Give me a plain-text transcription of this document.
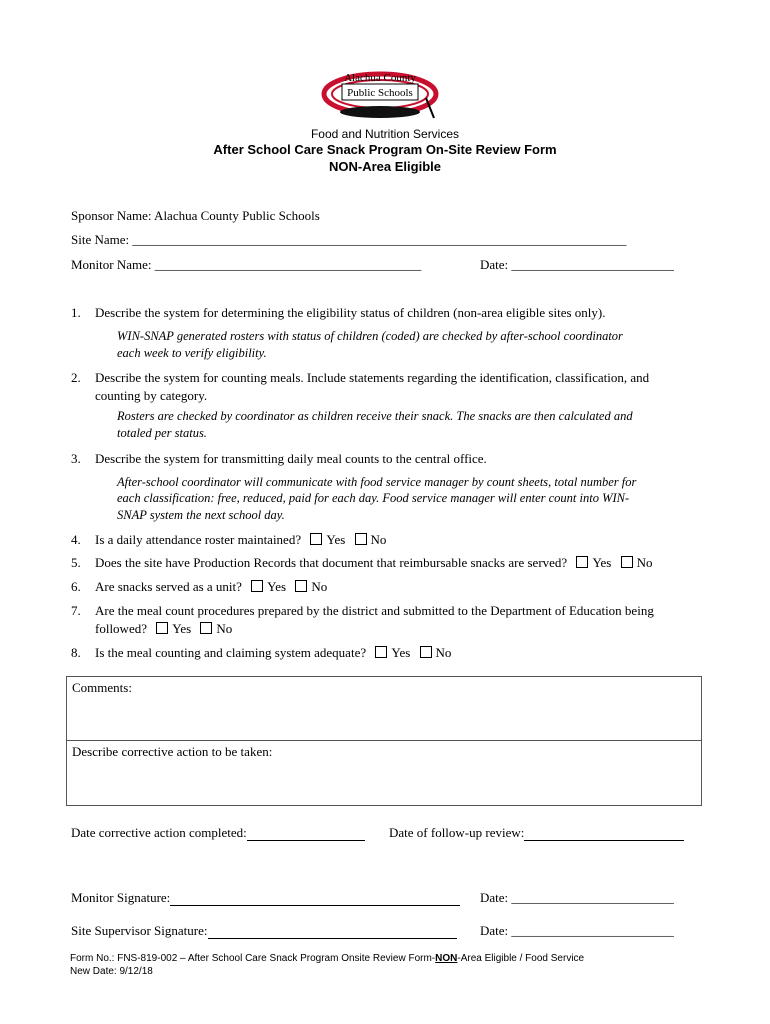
Alachua County
Public Schools
Food and Nutrition Services
After School Care Snack Program On-Site Review Form
NON-Area Eligible
Sponsor Name: Alachua County Public Schools
Site Name: ____________________________________________________________________________
Monitor Name: _________________________________________	Date: _________________________
1. Describe the system for determining the eligibility status of children (non-area eligible sites only).
WIN-SNAP generated rosters with status of children (coded) are checked by after-school coordinator
each week to verify eligibility.
2. Describe the system for counting meals. Include statements regarding the identification, classification, and
counting by category.
Rosters are checked by coordinator as children receive their snack. The snacks are then calculated and
totaled per status.
3. Describe the system for transmitting daily meal counts to the central office.
After-school coordinator will communicate with food service manager by count sheets, total number for
each classification: free, reduced, paid for each day. Food service manager will enter count into WIN-
SNAP system the next school day.
4. Is a daily attendance roster maintained? Yes No
5. Does the site have Production Records that document that reimbursable snacks are served? Yes No
6. Are snacks served as a unit? Yes No
7. Are the meal count procedures prepared by the district and submitted to the Department of Education being
followed? Yes No
8. Is the meal counting and claiming system adequate? Yes No
Comments:
Describe corrective action to be taken:
Date corrective action completed:	Date of follow-up review:
Monitor Signature:	Date: _________________________
Site Supervisor Signature:	Date: _________________________
Form No.: FNS-819-002 – After School Care Snack Program Onsite Review Form-NON-Area Eligible / Food Service
New Date: 9/12/18
